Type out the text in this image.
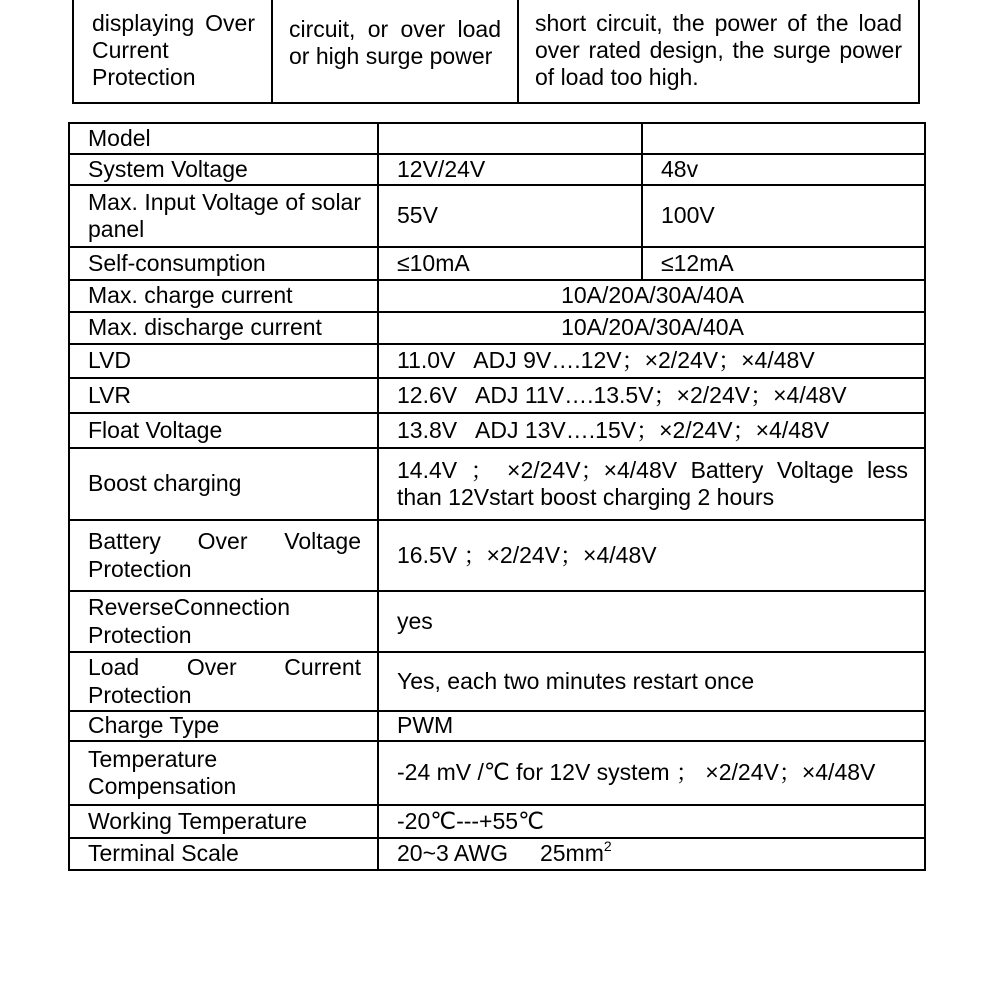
displaying Over
Current
Protection

circuit, or over load
or high surge power

short circuit, the power of the load
over rated design, the surge power
of load too high.
Model		
System Voltage	12V/24V	48v
Max. Input Voltage of solar panel	55V	100V
Self-consumption	≤10mA	≤12mA
Max. charge current	10A/20A/30A/40A	
Max. discharge current	10A/20A/30A/40A	
LVD	11.0V   ADJ 9V….12V；×2/24V；×4/48V	
LVR	12.6V   ADJ 11V….13.5V；×2/24V；×4/48V	
Float Voltage	13.8V   ADJ 13V….15V；×2/24V；×4/48V	
Boost charging	14.4V ； ×2/24V；×4/48V Battery Voltage less than 12Vstart boost charging 2 hours	
Battery Over Voltage Protection	16.5V ；×2/24V；×4/48V	
ReverseConnection Protection	yes	
Load Over Current Protection	Yes, each two minutes restart once	
Charge Type	PWM	
Temperature Compensation	-24 mV /℃ for 12V system ； ×2/24V；×4/48V	
Working Temperature	-20℃---+55℃	
Terminal Scale	20~3 AWG     $25mm^2$
